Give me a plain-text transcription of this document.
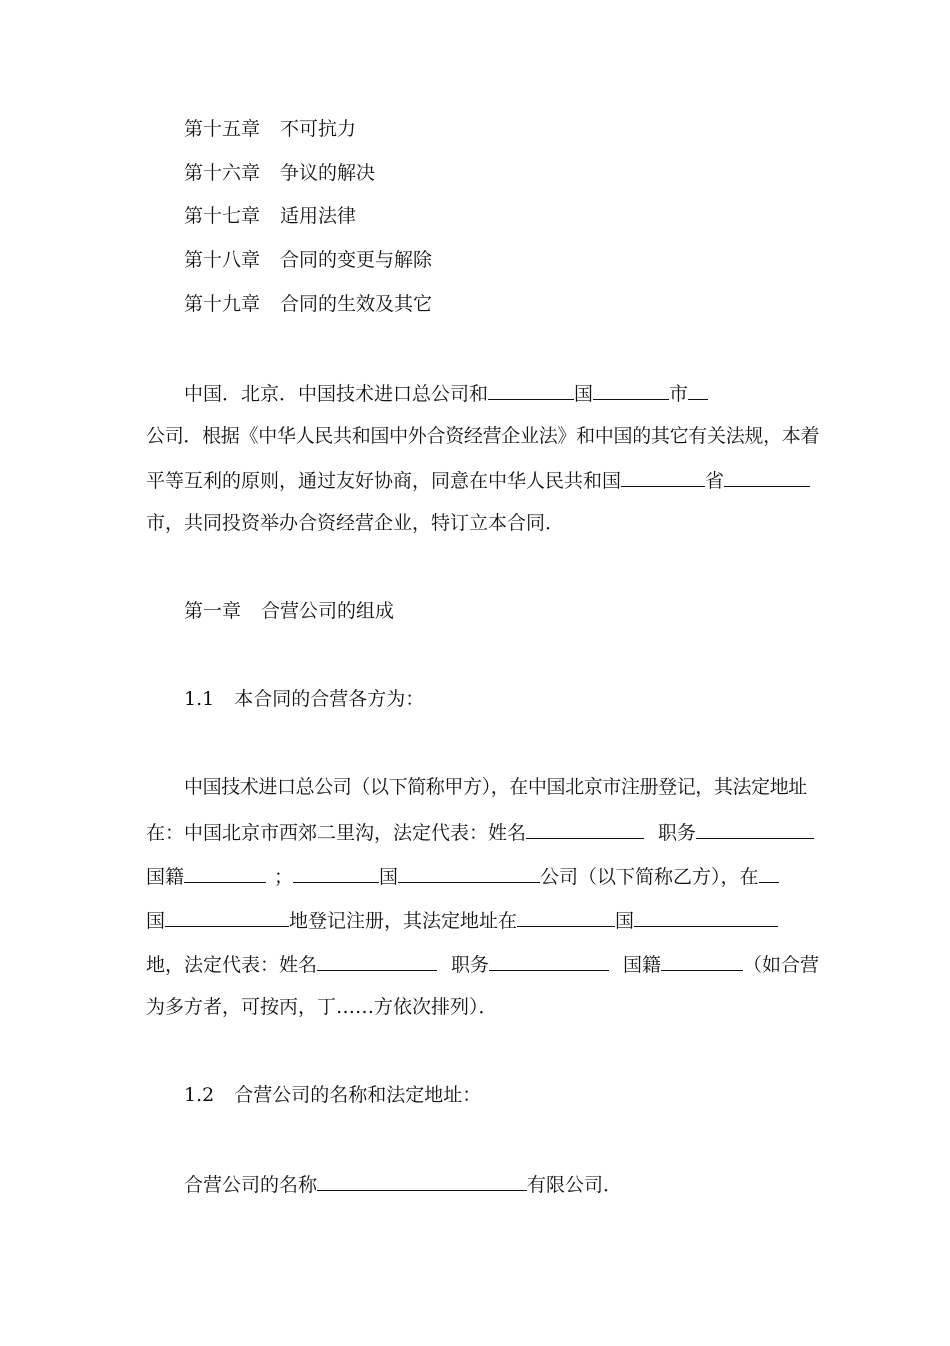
第十五章 不可抗力
第十六章 争议的解决
第十七章 适用法律
第十八章 合同的变更与解除
第十九章 合同的生效及其它
中国．北京．中国技术进口总公司和	国	市
公司．根据《中华人民共和国中外合资经营企业法》和中国的其它有关法规，本着
平等互利的原则，通过友好协商，同意在中华人民共和国	省
市，共同投资举办合资经营企业，特订立本合同．
第一章 合营公司的组成
1.1 本合同的合营各方为：
中国技术进口总公司（以下简称甲方），在中国北京市注册登记，其法定地址
在：中国北京市西郊二里沟，法定代表：姓名	职务
国籍	；	国	公司（以下简称乙方），在
国	地登记注册，其法定地址在	国
地，法定代表：姓名	职务	国籍	（如合营
为多方者，可按丙，丁……方依次排列）．
1.2 合营公司的名称和法定地址：
合营公司的名称	有限公司．
